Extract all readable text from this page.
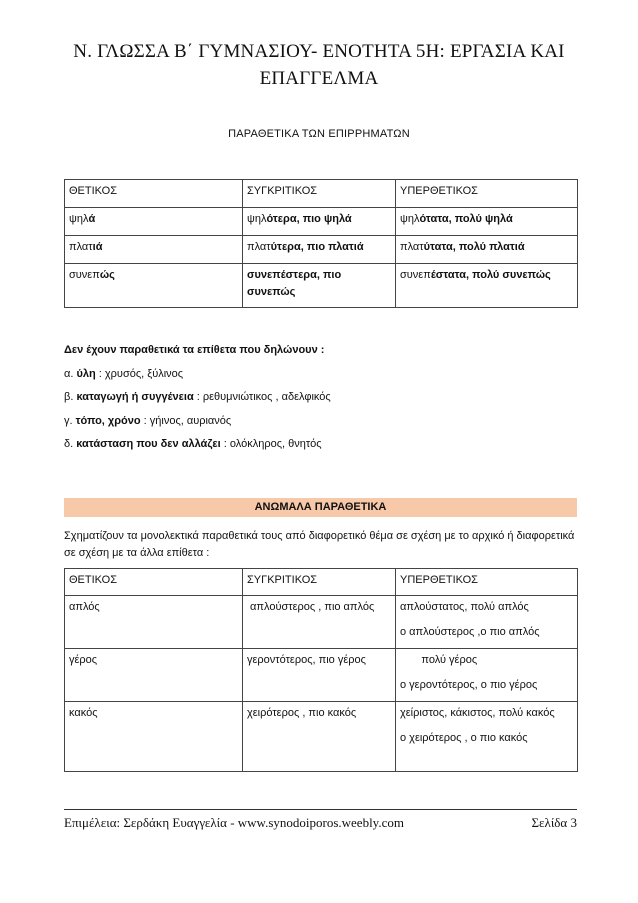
Ν. ΓΛΩΣΣΑ Β΄ ΓΥΜΝΑΣΙΟΥ- ΕΝΟΤΗΤΑ 5Η: ΕΡΓΑΣΙΑ ΚΑΙ ΕΠΑΓΓΕΛΜΑ
ΠΑΡΑΘΕΤΙΚΑ ΤΩΝ ΕΠΙΡΡΗΜΑΤΩΝ
ΘΕΤΙΚΟΣ	ΣΥΓΚΡΙΤΙΚΟΣ	ΥΠΕΡΘΕΤΙΚΟΣ
ψηλά	ψηλότερα, πιο ψηλά	ψηλότατα, πολύ ψηλά
πλατιά	πλατύτερα, πιο πλατιά	πλατύτατα, πολύ πλατιά
συνεπώς	συνεπέστερα, πιο συνεπώς	συνεπέστατα, πολύ συνεπώς

Δεν έχουν παραθετικά τα επίθετα που δηλώνουν :

α. ύλη : χρυσός, ξύλινος

β. καταγωγή ή συγγένεια : ρεθυμνιώτικος , αδελφικός

γ. τόπο, χρόνο : γήινος, αυριανός

δ. κατάσταση που δεν αλλάζει : ολόκληρος, θνητός

ΑΝΩΜΑΛΑ ΠΑΡΑΘΕΤΙΚΑ
Σχηματίζουν τα μονολεκτικά παραθετικά τους από διαφορετικό θέμα σε σχέση με το αρχικό ή διαφορετικά σε σχέση με τα άλλα επίθετα :
ΘΕΤΙΚΟΣ	ΣΥΓΚΡΙΤΙΚΟΣ	ΥΠΕΡΘΕΤΙΚΟΣ
απλός	απλούστερος , πιο απλός	απλούστατος, πολύ απλός
ο απλούστερος ,ο πιο απλός

γέρος	γεροντότερος, πιο γέρος	πολύ γέρος
ο γεροντότερος, ο πιο γέρος

κακός	χειρότερος , πιο κακός	χείριστος, κάκιστος, πολύ κακός
ο χειρότερος , ο πιο κακός
Επιμέλεια: Σερδάκη Ευαγγελία - www.synodoiporos.weebly.com	Σελίδα 3
